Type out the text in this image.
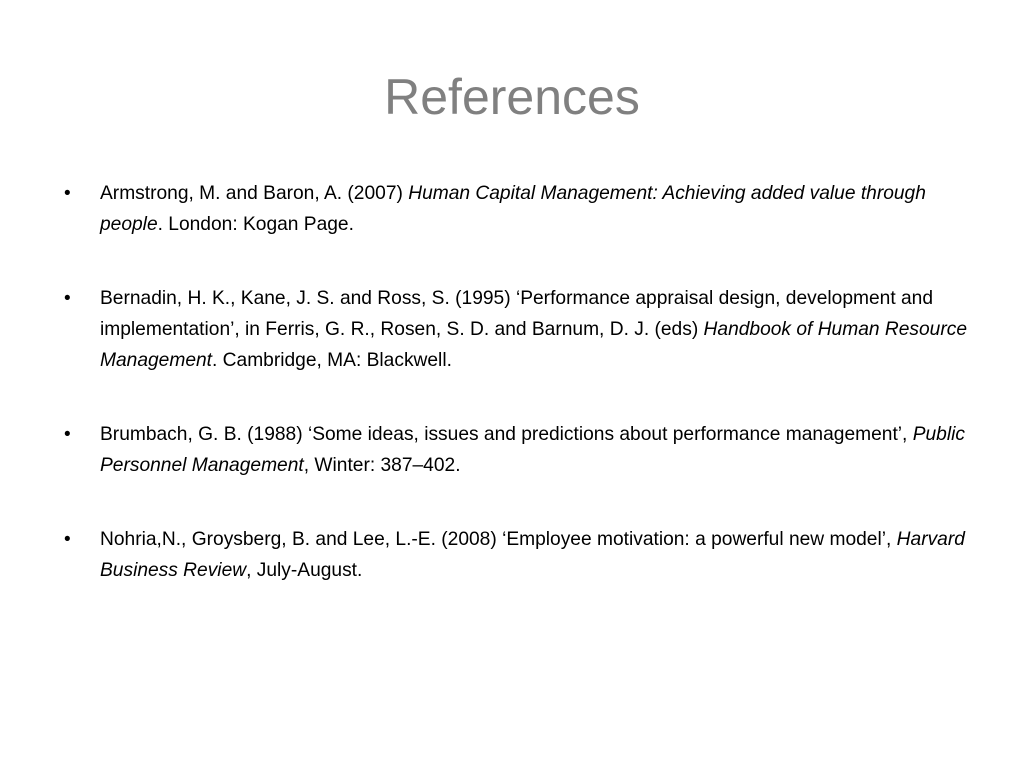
References
•	Armstrong, M. and Baron, A. (2007) Human Capital Management: Achieving added value through people. London: Kogan Page.
•	Bernadin, H. K., Kane, J. S. and Ross, S. (1995) ‘Performance appraisal design, development and implementation’, in Ferris, G. R., Rosen, S. D. and Barnum, D. J. (eds) Handbook of Human Resource Management. Cambridge, MA: Blackwell.
•	Brumbach, G. B. (1988) ‘Some ideas, issues and predictions about performance management’, Public Personnel Management, Winter: 387–402.
•	Nohria,N., Groysberg, B. and Lee, L.-E. (2008) ‘Employee motivation: a powerful new model’, Harvard Business Review, July-August.
